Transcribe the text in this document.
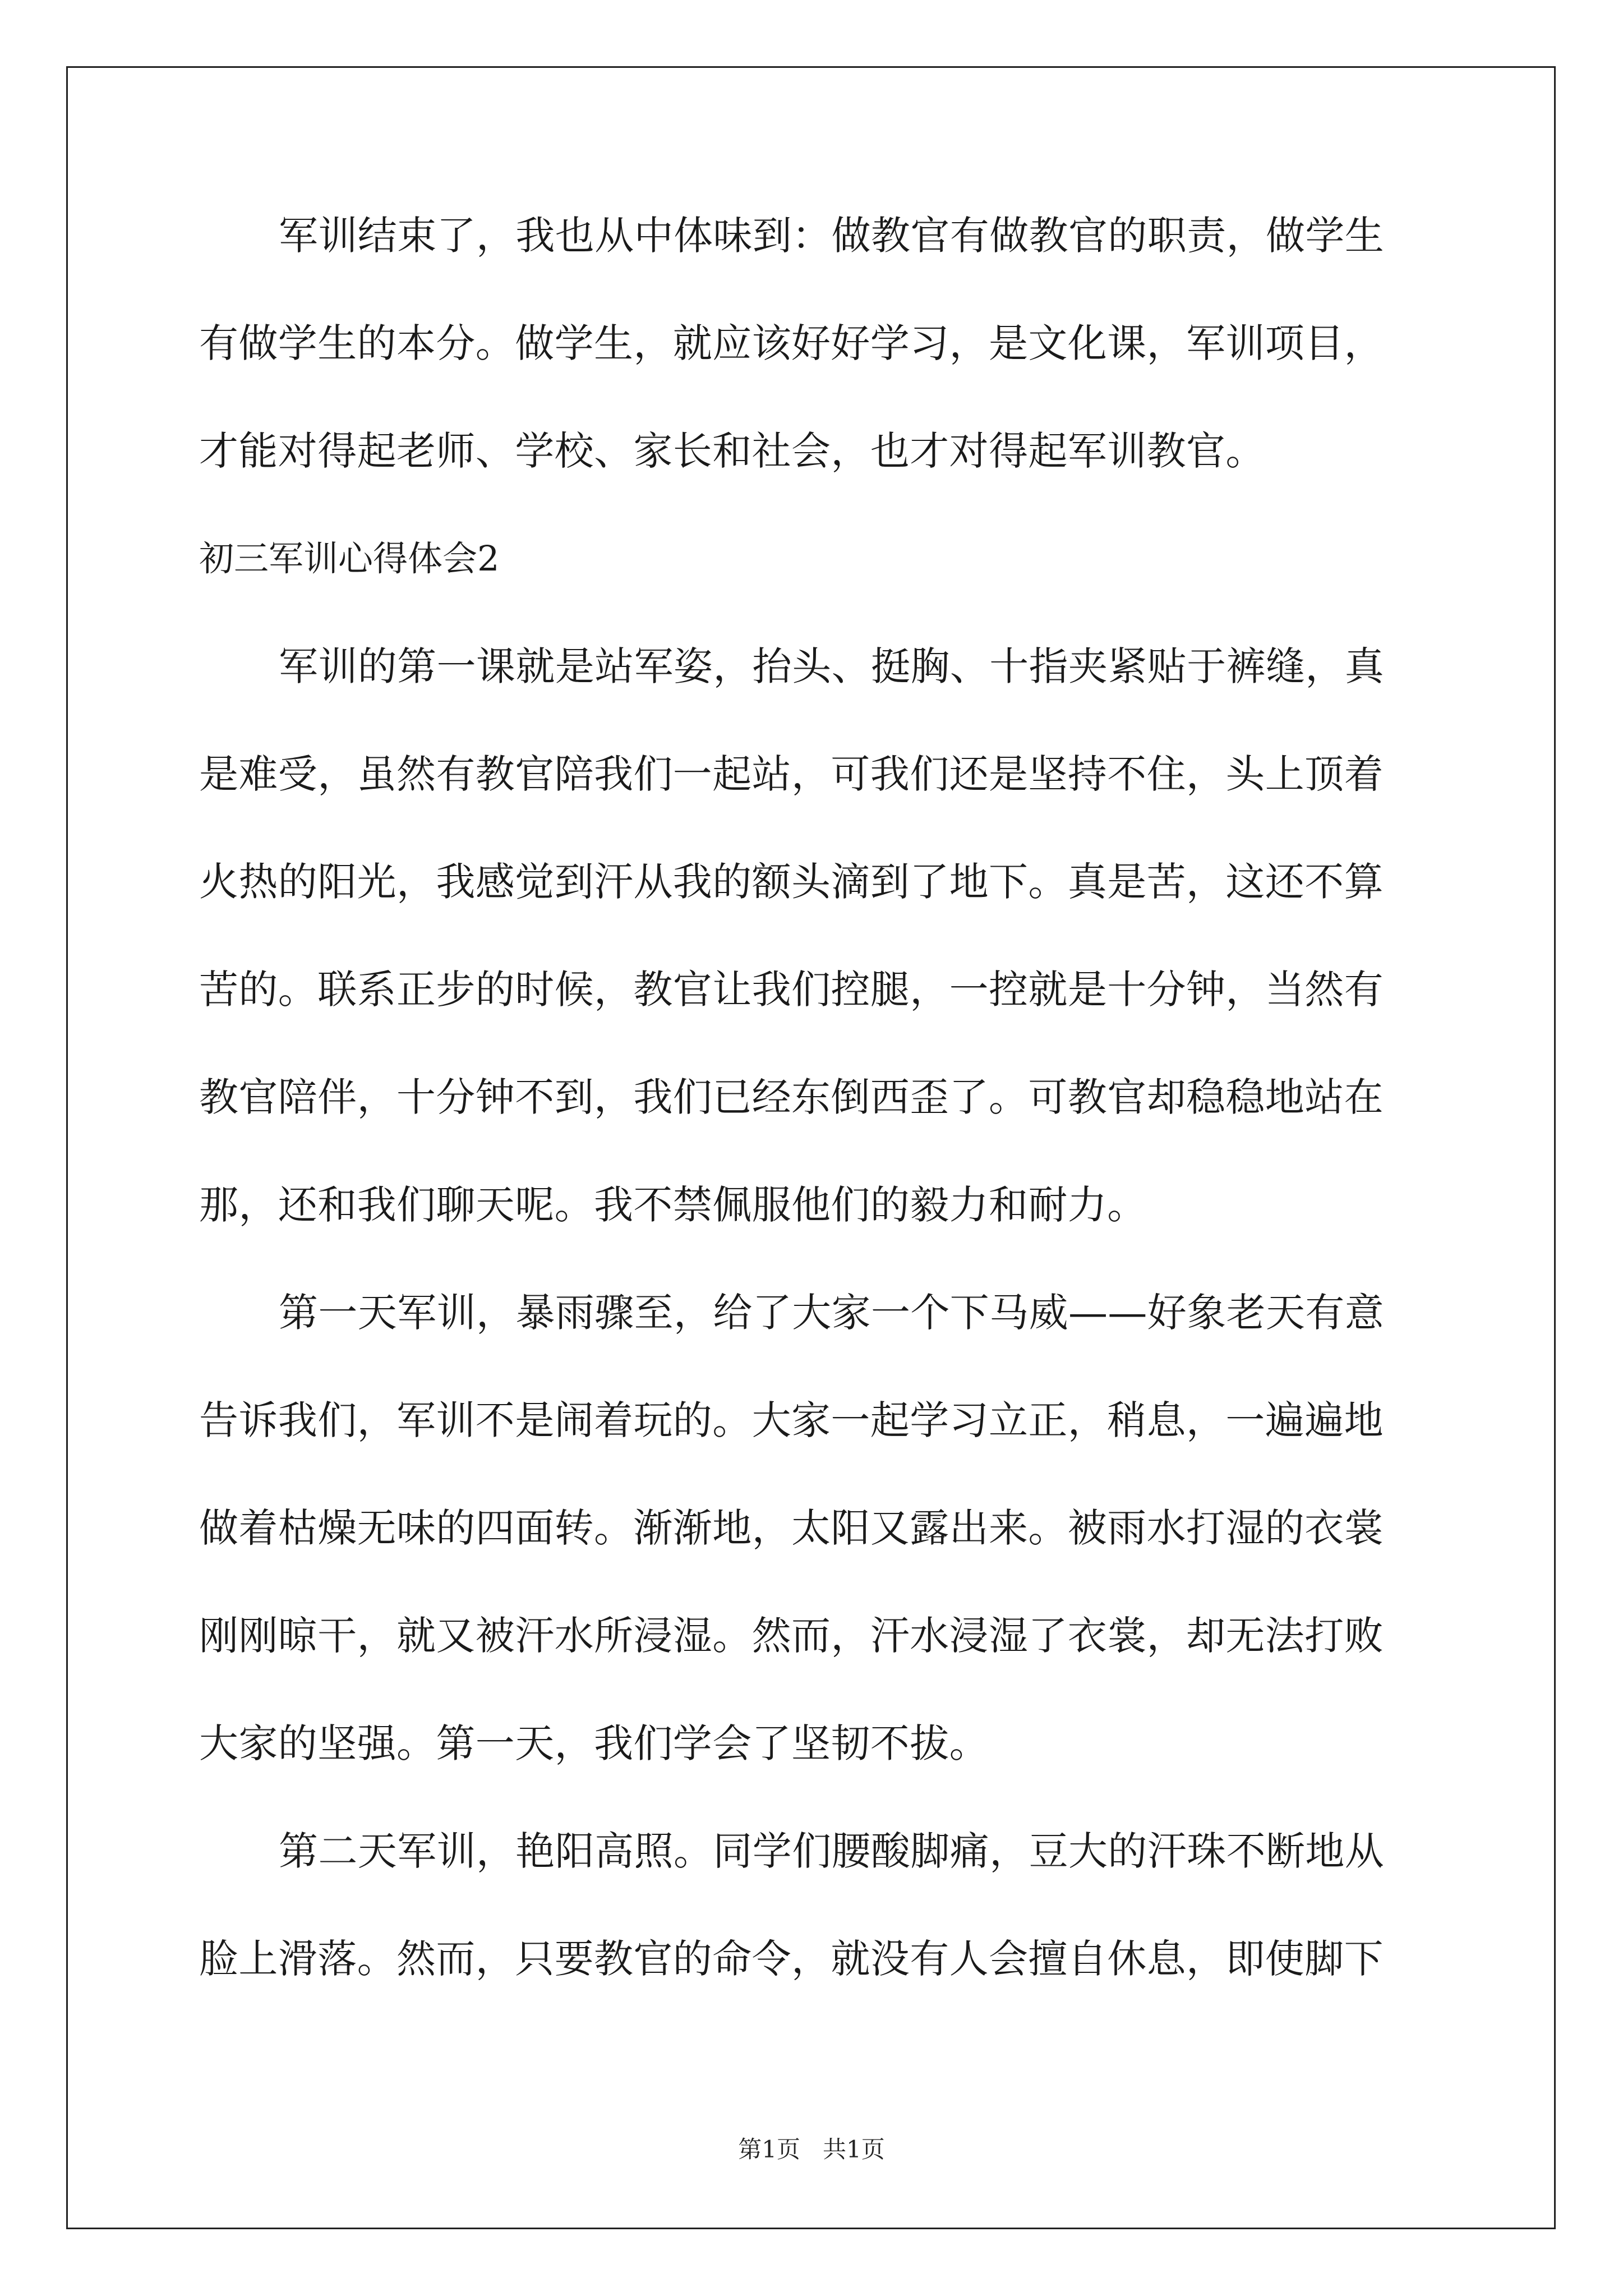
军训结束了，我也从中体味到：做教官有做教官的职责，做学生
有做学生的本分。做学生，就应该好好学习，是文化课，军训项目，
才能对得起老师、学校、家长和社会，也才对得起军训教官。
初三军训心得体会2
军训的第一课就是站军姿，抬头、挺胸、十指夹紧贴于裤缝，真
是难受，虽然有教官陪我们一起站，可我们还是坚持不住，头上顶着
火热的阳光，我感觉到汗从我的额头滴到了地下。真是苦，这还不算
苦的。联系正步的时候，教官让我们控腿，一控就是十分钟，当然有
教官陪伴，十分钟不到，我们已经东倒西歪了。可教官却稳稳地站在
那，还和我们聊天呢。我不禁佩服他们的毅力和耐力。
第一天军训，暴雨骤至，给了大家一个下马威——好象老天有意
告诉我们，军训不是闹着玩的。大家一起学习立正，稍息，一遍遍地
做着枯燥无味的四面转。渐渐地，太阳又露出来。被雨水打湿的衣裳
刚刚晾干，就又被汗水所浸湿。然而，汗水浸湿了衣裳，却无法打败
大家的坚强。第一天，我们学会了坚韧不拔。
第二天军训，艳阳高照。同学们腰酸脚痛，豆大的汗珠不断地从
脸上滑落。然而，只要教官的命令，就没有人会擅自休息，即使脚下
第1页 共1页
